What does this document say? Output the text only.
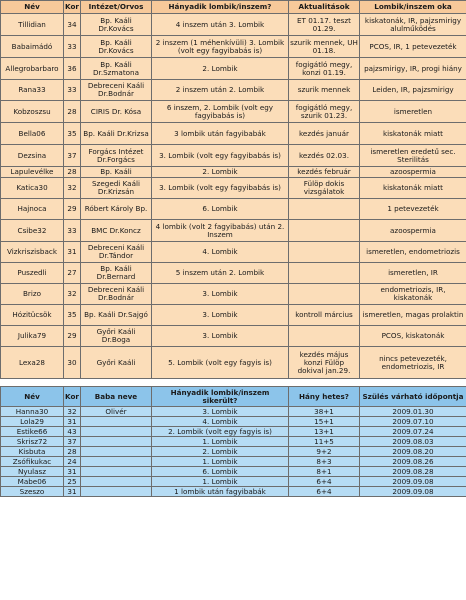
Név	Kor	Intézet/Orvos	Hányadik lombik/inszem?	Aktualitások	Lombik/inszem oka
Tillidian	34	Bp. Kaáli Dr.Kovács	4 inszem után 3. Lombik	ET 01.17. teszt 01.29.	kiskatonák, IR, pajzsmirigy alulműködés
Babaimádó	33	Bp. Kaáli Dr.Kovács	2 inszem (1 méhenkívüli) 3. Lombik (volt egy fagyibabás is)	szurik mennek, UH 01.18.	PCOS, IR, 1 petevezeték
Allegrobarbaro	36	Bp. Kaáli Dr.Szmatona	2. Lombik	fogigátló megy, konzi 01.19.	pajzsmirigy, IR, progi hiány
Rana33	33	Debreceni Kaáli Dr.Bodnár	2 inszem után 2. Lombik	szurik mennek	Leiden, IR, pajzsmirigy
Kobzoszsu	28	CIRIS Dr. Kósa	6 inszem, 2. Lombik (volt egy fagyibabás is)	fogigátló megy, szurik 01.23.	ismeretlen
Bella06	35	Bp. Kaáli Dr.Krizsa	3 lombik után fagyibabák	kezdés január	kiskatonák miatt
Dezsina	37	Forgács Intézet Dr.Forgács	3. Lombik (volt egy fagyibabás is)	kezdés 02.03.	ismeretlen eredetű sec. Sterilitás
Lapulevélke	28	Bp. Kaáli	2. Lombik	kezdés február	azoospermia
Katica30	32	Szegedi Kaáli Dr.Krizsán	3. Lombik (volt egy fagyibabás is)	Fülöp dokis vizsgálatok	kiskatonák miatt
Hajnoca	29	Róbert Károly Bp.	6. Lombik		1 petevezeték
Csibe32	33	BMC Dr.Koncz	4 lombik (volt 2 fagyibabás) után 2. Inszem		azoospermia
Vizkriszisback	31	Debreceni Kaáli Dr.Tándor	4. Lombik		ismeretlen, endometriozis
Puszedli	27	Bp. Kaáli Dr.Bernard	5 inszem után 2. Lombik		ismeretlen, IR
Brizo	32	Debreceni Kaáli Dr.Bodnár	3. Lombik		endometriozis, IR, kiskatonák
Hózitücsök	35	Bp. Kaáli Dr.Sajgó	3. Lombik	kontroll március	ismeretlen, magas prolaktin
Julika79	29	Győri Kaáli Dr.Boga	3. Lombik		PCOS, kiskatonák
Lexa28	30	Győri Kaáli	5. Lombik (volt egy fagyis is)	kezdés május konzi Fülöp dokival jan.29.	nincs petevezeték, endometriozis, IR
Név	Kor	Baba neve	Hányadik lombik/inszem sikerült?	Hány hetes?	Szülés várható időpontja
Hanna30	32	Olivér	3. Lombik	38+1	2009.01.30
Lola29	31		4. Lombik	15+1	2009.07.10
Estike66	43		2. Lombik (volt egy fagyis is)	13+1	2009.07.24
Skrisz72	37		1. Lombik	11+5	2009.08.03
Kisbuta	28		2. Lombik	9+2	2009.08.20
Zsófikukac	24		1. Lombik	8+3	2009.08.26
Nyulasz	31		6. Lombik	8+1	2009.08.28
Mabe06	25		1. Lombik	6+4	2009.09.08
Szeszo	31		1 lombik után fagyibabák	6+4	2009.09.08
